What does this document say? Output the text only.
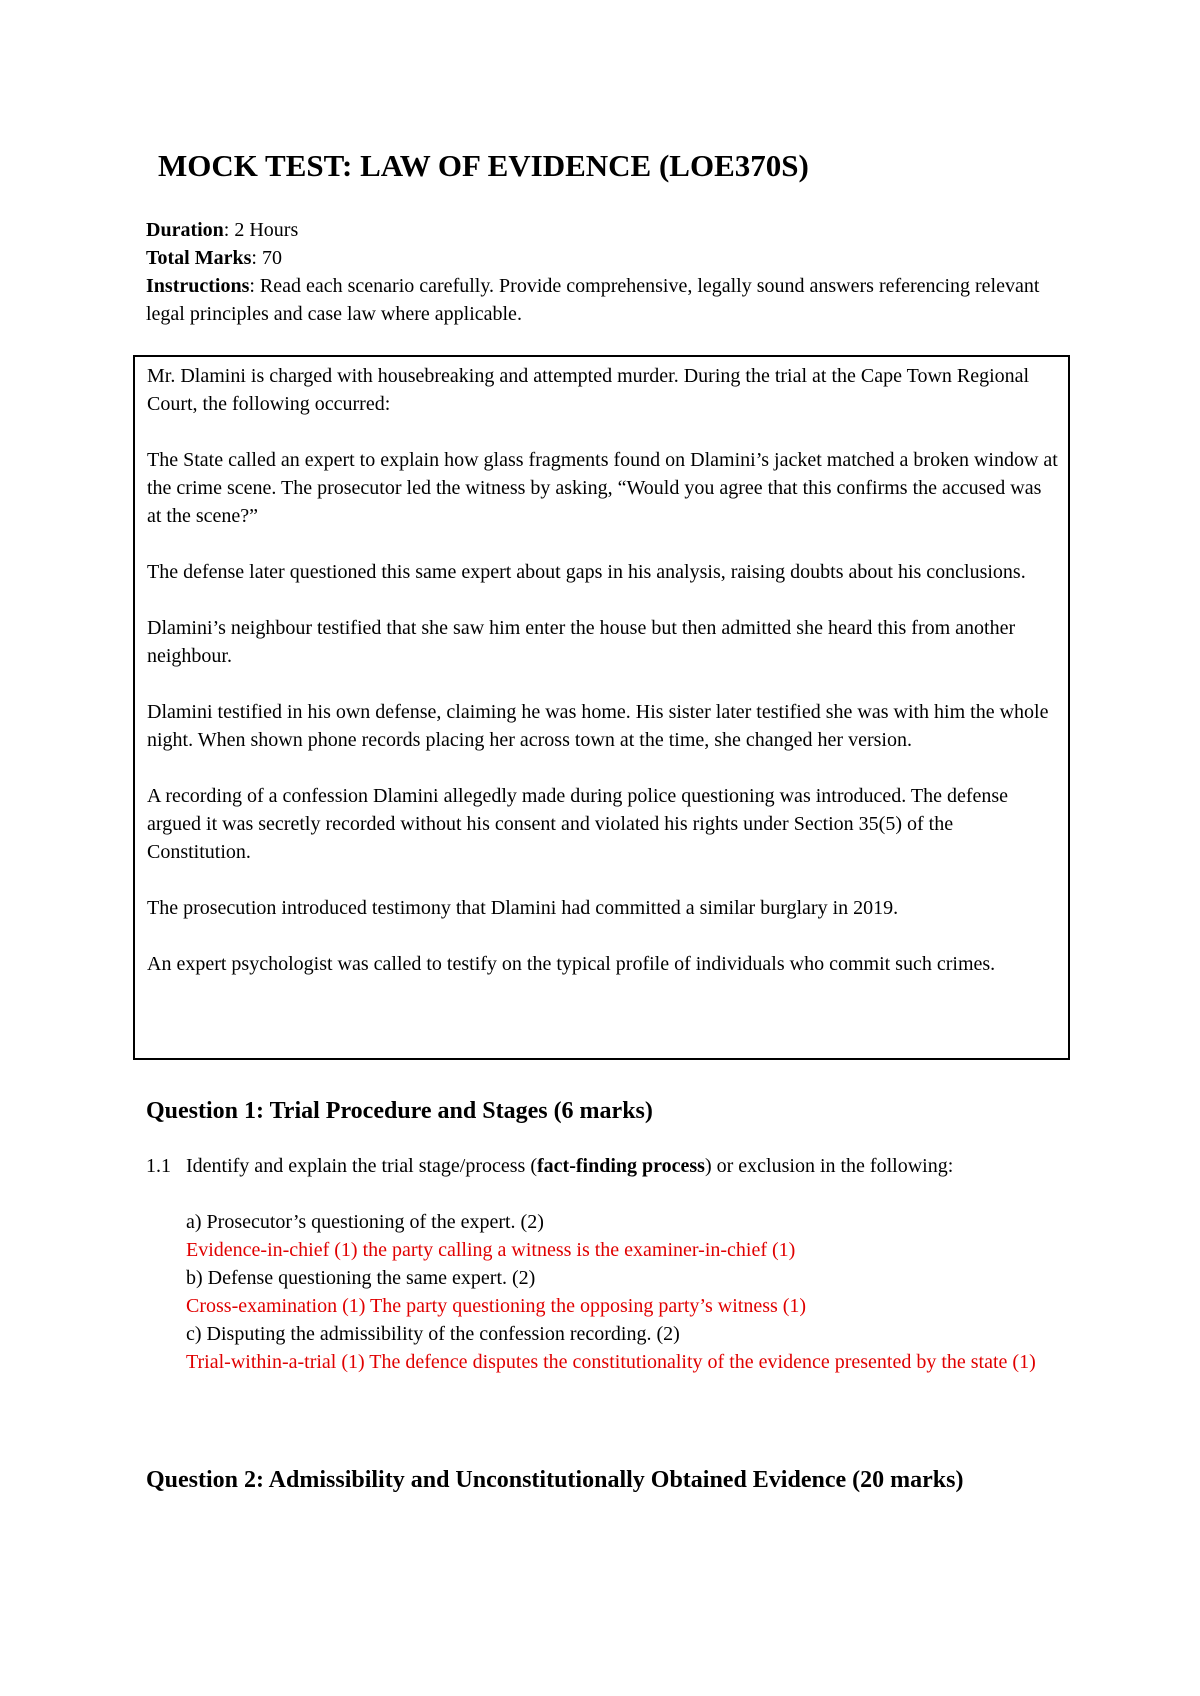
MOCK TEST: LAW OF EVIDENCE (LOE370S)
Duration: 2 Hours
Total Marks: 70
Instructions: Read each scenario carefully. Provide comprehensive, legally sound answers referencing relevant legal principles and case law where applicable.

Mr. Dlamini is charged with housebreaking and attempted murder. During the trial at the Cape Town Regional Court, the following occurred:

The State called an expert to explain how glass fragments found on Dlamini’s jacket matched a broken window at the crime scene. The prosecutor led the witness by asking, “Would you agree that this confirms the accused was at the scene?”

The defense later questioned this same expert about gaps in his analysis, raising doubts about his conclusions.

Dlamini’s neighbour testified that she saw him enter the house but then admitted she heard this from another neighbour.

Dlamini testified in his own defense, claiming he was home. His sister later testified she was with him the whole night. When shown phone records placing her across town at the time, she changed her version.

A recording of a confession Dlamini allegedly made during police questioning was introduced. The defense argued it was secretly recorded without his consent and violated his rights under Section 35(5) of the Constitution.

The prosecution introduced testimony that Dlamini had committed a similar burglary in 2019.

An expert psychologist was called to testify on the typical profile of individuals who commit such crimes.

Question 1: Trial Procedure and Stages (6 marks)
1.1 Identify and explain the trial stage/process (fact-finding process) or exclusion in the following:

a) Prosecutor’s questioning of the expert. (2)

Evidence-in-chief (1) the party calling a witness is the examiner-in-chief (1)

b) Defense questioning the same expert. (2)

Cross-examination (1) The party questioning the opposing party’s witness (1)

c) Disputing the admissibility of the confession recording. (2)

Trial-within-a-trial (1) The defence disputes the constitutionality of the evidence presented by the state (1)

Question 2: Admissibility and Unconstitutionally Obtained Evidence (20 marks)
